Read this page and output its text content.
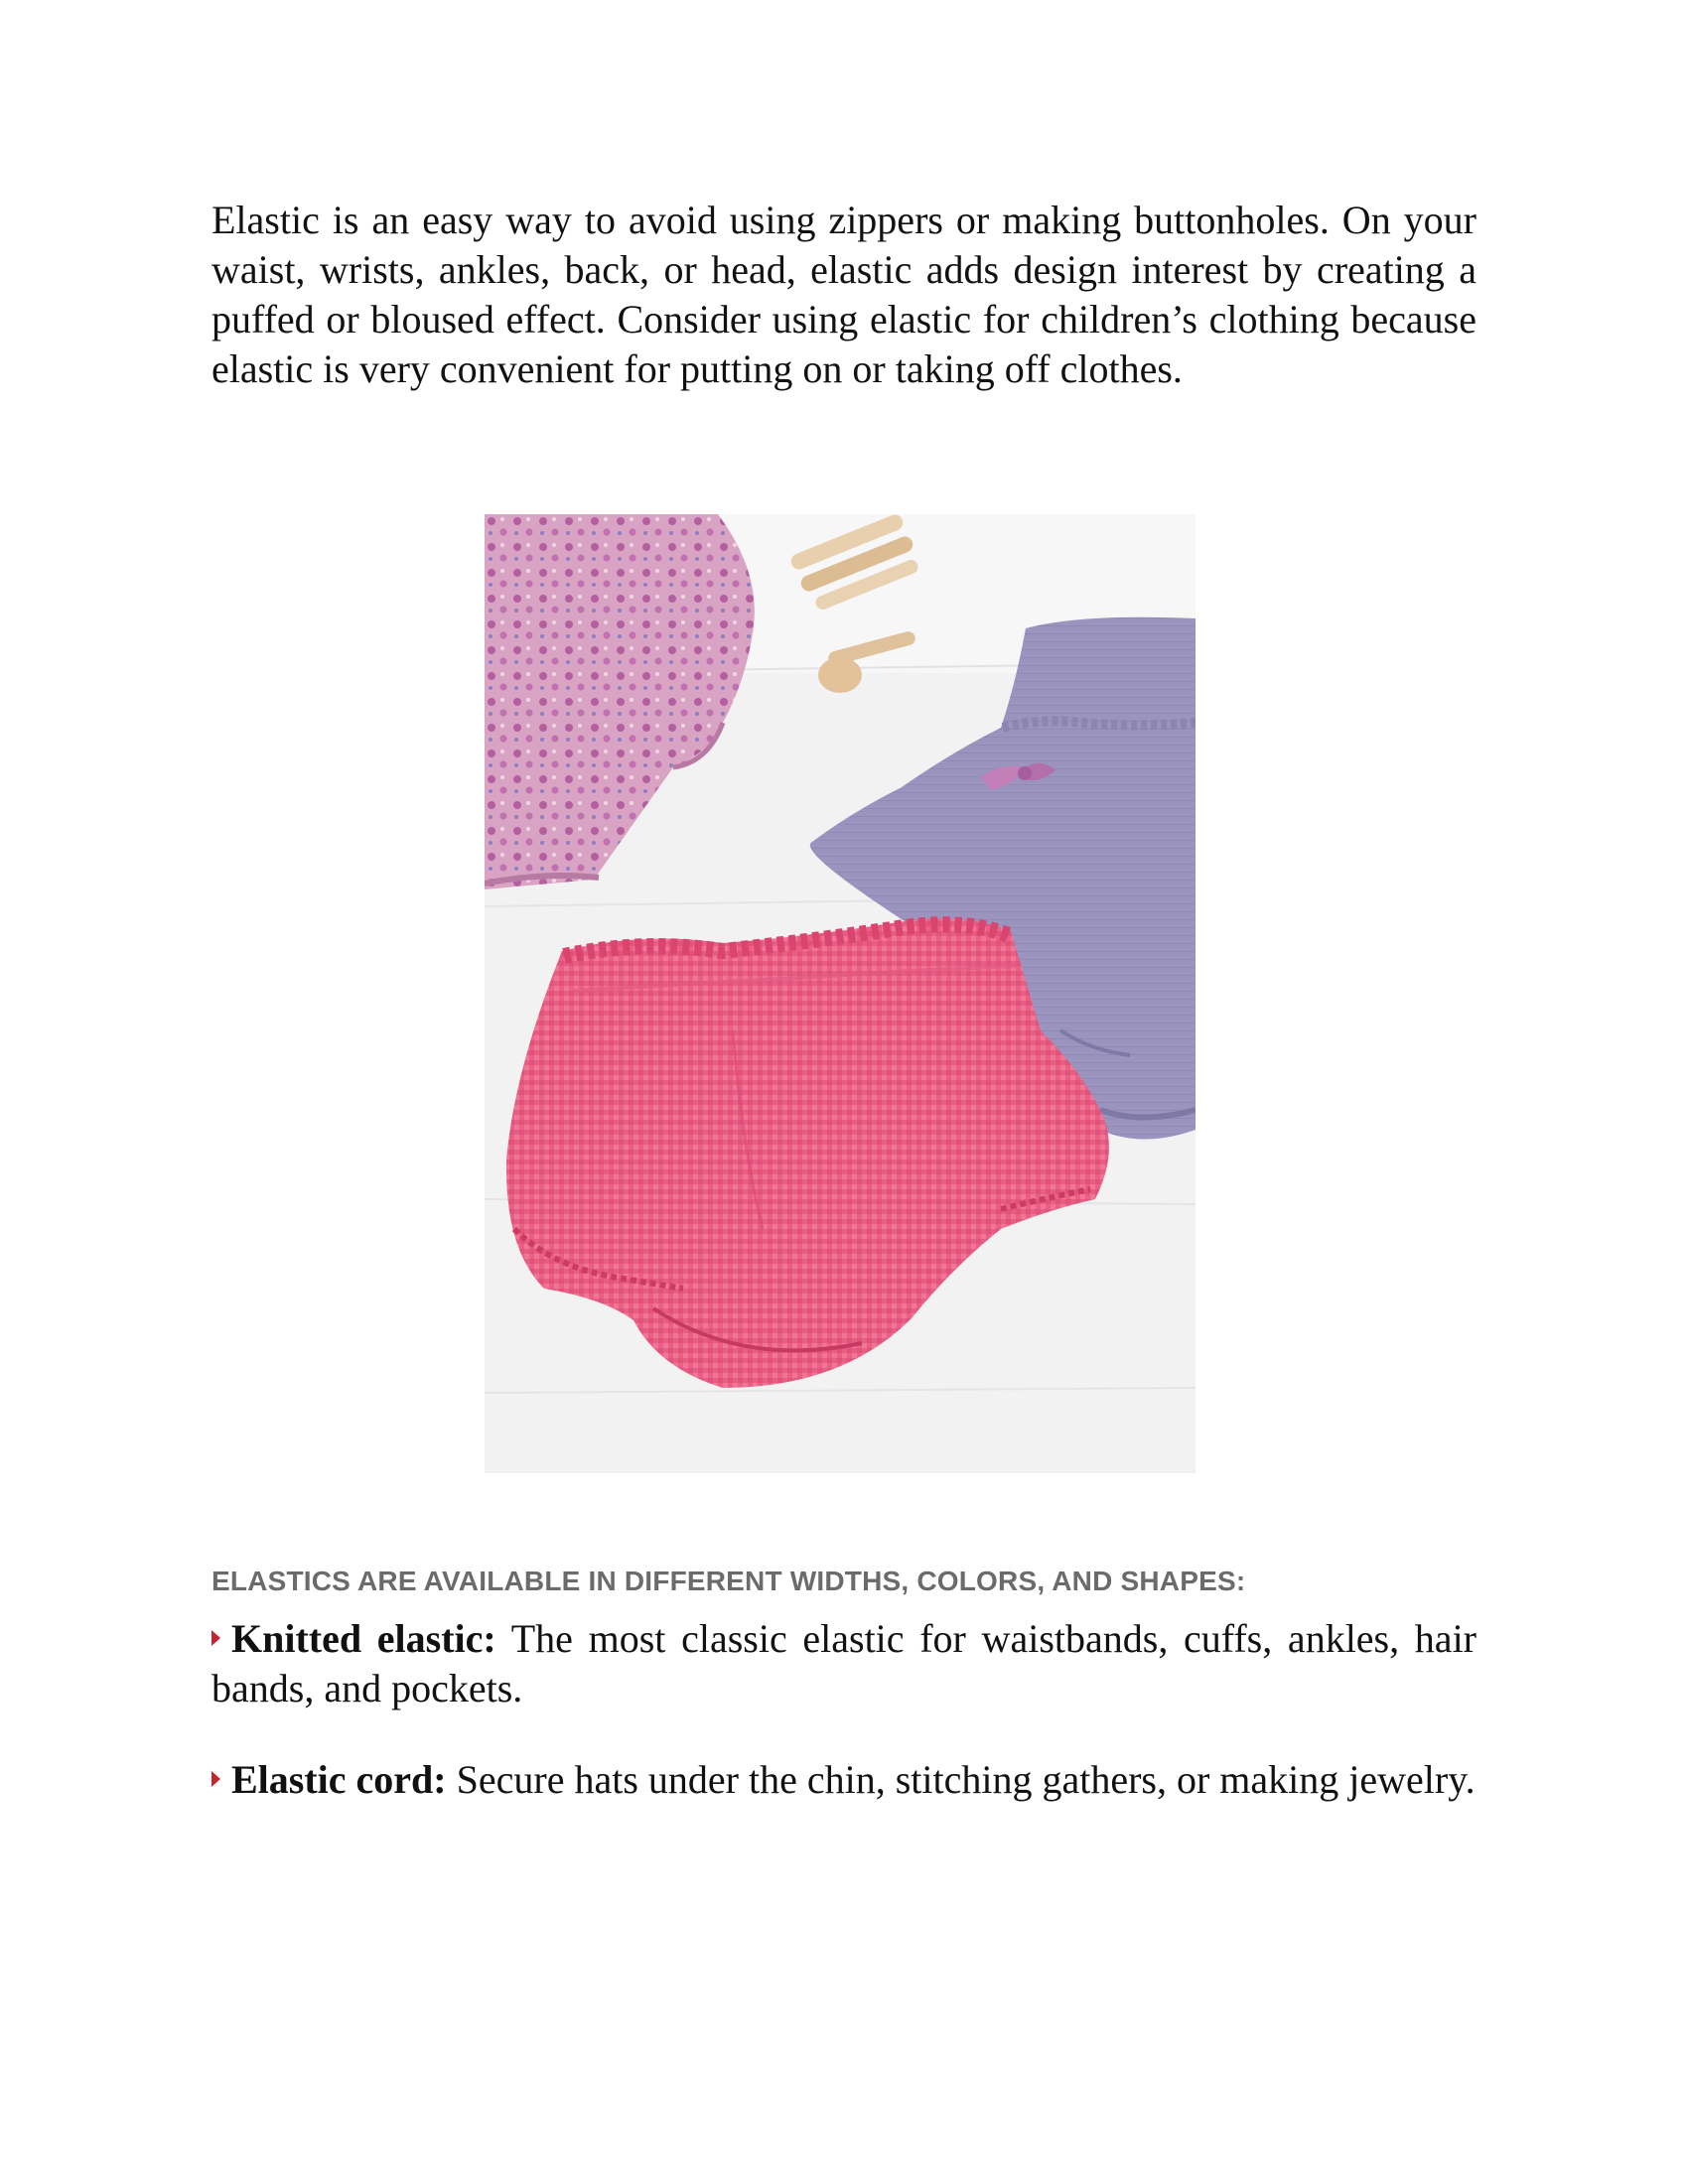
Elastic is an easy way to avoid using zippers or making buttonholes. On your waist, wrists, ankles, back, or head, elastic adds design interest by creating a puffed or bloused effect. Consider using elastic for children’s clothing because elastic is very convenient for putting on or taking off clothes.

ELASTICS ARE AVAILABLE IN DIFFERENT WIDTHS, COLORS, AND SHAPES:
Knitted elastic: The most classic elastic for waistbands, cuffs, ankles, hair bands, and pockets.
Elastic cord: Secure hats under the chin, stitching gathers, or making jewelry.
